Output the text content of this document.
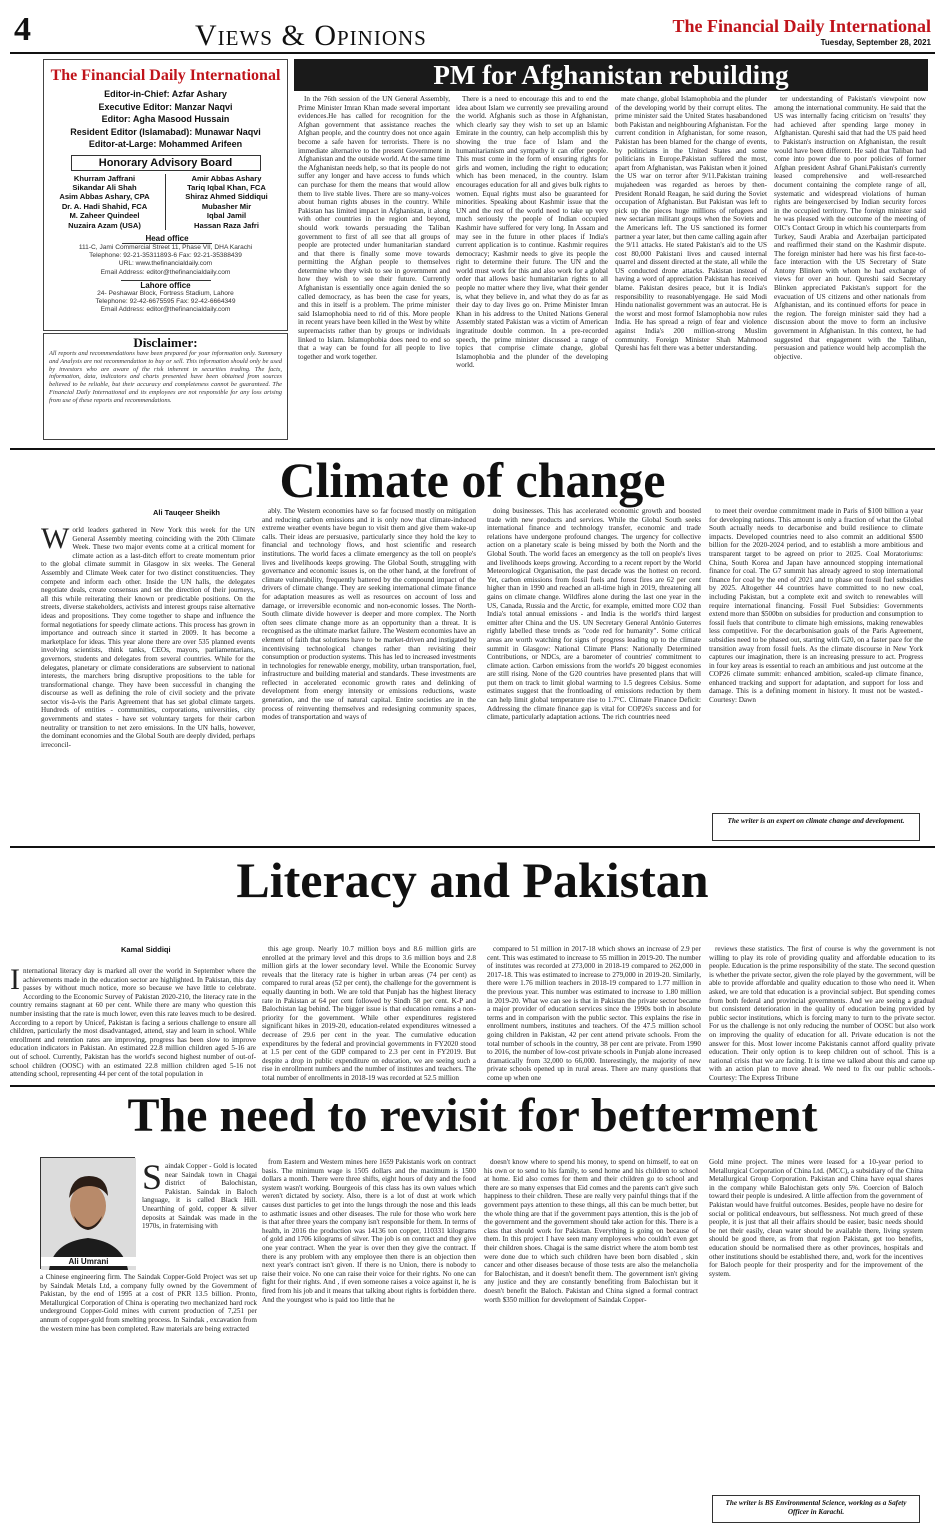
4	Views & Opinions	The Financial Daily International
Tuesday, September 28, 2021
The Financial Daily International
Editor-in-Chief: Azfar Ashary
Executive Editor: Manzar Naqvi
Editor: Agha Masood Hussain
Resident Editor (Islamabad): Munawar Naqvi
Editor-at-Large: Mohammed Arifeen
Honorary Advisory Board
Khurram Jaffrani
Sikandar Ali Shah
Asim Abbas Ashary, CPA
Dr. A. Hadi Shahid, FCA
M. Zaheer Quindeel
Nuzaira Azam (USA)
Amir Abbas Ashary
Tariq Iqbal Khan, FCA
Shiraz Ahmed Siddiqui
Mubasher Mir
Iqbal Jamil
Hassan Raza Jafri
Head office
111-C, Jami Commercial Street 11, Phase VII, DHA Karachi
Telephone: 92-21-35311893-6 Fax: 92-21-35388439
URL: www.thefinancialdaily.com
Email Address: editor@thefinancialdaily.com
Lahore office
24- Peshawar Block, Fortress Stadium, Lahore
Telephone: 92-42-6675595 Fax: 92-42-6664349
Email Address: editor@thefinancialdaily.com
Disclaimer:
All reports and recommendations have been prepared for your information only. Summary and Analysis are not recommendation to buy or sell. This information should only be used by investors who are aware of the risk inherent in securities trading. The facts, information, data, indicators and charts presented have been obtained from sources believed to be reliable, but their accuracy and completeness cannot be guaranteed. The Financial Daily International and its employees are not responsible for any loss arising from use of these reports and recommendations.
PM for Afghanistan rebuilding

In the 76th session of the UN General Assembly, Prime Minister Imran Khan made several important evidences.He has called for recognition for the Afghan government that assistance reaches the Afghan people, and the country does not once again become a safe haven for terrorists. There is no immediate alternative to the present Government in Afghanistan and the outside world. At the same time the Afghanistan needs help, so that its people do not suffer any longer and have access to funds which can purchase for them the means that would allow them to live stable lives. There are so many-voices about human rights abuses in the country. While Pakistan has limited impact in Afghanistan, it along with other countries in the region and beyond, should work towards persuading the Taliban government to first of all see that all groups of people are protected under humanitarian standard and that there is finally some move towards permitting the Afghan people to themselves determine who they wish to see in government and how they wish to see their future. Currently Afghanistan is essentially once again denied the so called democracy, as has been the case for years, and this in itself is a problem. The prime minister said Islamophobia need to rid of this. More people in recent years have been killed in the West by white supremacists rather than by groups or individuals linked to Islam. Islamophobia does need to end so that a way can be found for all people to live together and work together.

There is a need to encourage this and to end the idea about Islam we currently see prevailing around the world. Afghanis such as those in Afghanistan, which clearly say they wish to set up an Islamic Emirate in the country, can help accomplish this by showing the true face of Islam and the humanitarianism and sympathy it can offer people. This must come in the form of ensuring rights for girls and women, including the right to education; which has been menaced, in the country. Islam encourages education for all and gives bulk rights to women. Equal rights must also be guaranteed for minorities. Speaking about Kashmir issue that the UN and the rest of the world need to take up very much seriously the people of Indian occupied Kashmir have suffered for very long. In Assam and may see in the future in other places if India's current application is to continue. Kashmir requires democracy; Kashmir needs to give its people the right to determine their future. The UN and the world must work for this and also work for a global order that allows basic humanitarian rights to all people no matter where they live, what their gender is, what they believe in, and what they do as far as their day to day lives go on. Prime Minister Imran Khan in his address to the United Nations General Assembly stated Pakistan was a victim of American ingratitude double common. In a pre-recorded speech, the prime minister discussed a range of topics that comprise climate change, global Islamophobia and the plunder of the developing world.

mate change, global Islamophobia and the plunder of the developing world by their corrupt elites. The prime minister said the United States hasabandoned both Pakistan and neighbouring Afghanistan. For the current condition in Afghanistan, for some reason, Pakistan has been blamed for the change of events, by politicians in the United States and some politicians in Europe.Pakistan suffered the most, apart from Afghanistan, was Pakistan when it joined the US war on terror after 9/11.Pakistan training mujahedeen was regarded as heroes by then-President Ronald Reagan, he said during the Soviet occupation of Afghanistan. But Pakistan was left to pick up the pieces huge millions of refugees and new sectarian militant groups when the Soviets and the Americans left. The US sanctioned its former partner a year later, but then came calling again after the 9/11 attacks. He stated Pakistan's aid to the US cost 80,000 Pakistani lives and caused internal quarrel and dissent directed at the state, all while the US conducted drone attacks. Pakistan instead of having a word of appreciation Pakistan has received blame. Pakistan desires peace, but it is India's responsibility to reasonablyengage. He said Modi Hindu nationalist government was an autocrat. He is the worst and most formof Islamophobia now rules India. He has spread a reign of fear and violence against India's 200 million-strong Muslim community. Foreign Minister Shah Mahmood Qureshi has felt there was a better understanding.

ter understanding of Pakistan's viewpoint now among the international community. He said that the US was internally facing criticism on 'results' they had achieved after spending large money in Afghanistan. Qureshi said that had the US paid heed to Pakistan's instruction on Afghanistan, the result would have been different. He said that Taliban had come into power due to poor policies of former Afghan president Ashraf Ghani.Pakistan's currently leased comprehensive and well-researched document containing the complete range of all, systematic and widespread violations of human rights are beingexercised by Indian security forces in the occupied territory. The foreign minister said he was pleased with the outcome of the meeting of OIC's Contact Group in which his counterparts from Turkey, Saudi Arabia and Azerbaijan participated and reaffirmed their stand on the Kashmir dispute. The foreign minister had here was his first face-to-face interaction with the US Secretary of State Antony Blinken with whom he had exchange of views for over an hour. Qureshi said Secretary Blinken appreciated Pakistan's support for the evacuation of US citizens and other nationals from Afghanistan, and its continued efforts for peace in the region. The foreign minister said they had a discussion about the move to form an inclusive government in Afghanistan. In this context, he had suggested that engagement with the Taliban, persuasion and patience would help accomplish the objective.

Climate of change
Ali Tauqeer Sheikh
World leaders gathered in New York this week for the UN General Assembly meeting coinciding with the 20th Climate Week. These two major events come at a critical moment for climate action as a last-ditch effort to create momentum prior to the global climate summit in Glasgow in six weeks. The General Assembly and Climate Week cater for two distinct constituencies. They compete and inform each other. Inside the UN halls, the delegates negotiate deals, create consensus and set the direction of their journeys, all this while reiterating their known or predictable positions. On the streets, diverse stakeholders, activists and interest groups raise alternative ideas and propositions. They come together to shape and influence the formal negotiations for speedy climate actions. This process has grown in importance and outreach since it started in 2009. It has become a marketplace for ideas. This year alone there are over 535 planned events involving scientists, think tanks, CEOs, mayors, parliamentarians, governors, students and delegates from several countries. While for the delegates, planetary or climate considerations are subservient to national interests, the marchers bring disruptive propositions to the table for transformational change. They have been successful in changing the discourse as well as defining the role of civil society and the private sector vis-à-vis the Paris Agreement that has set global climate targets. Hundreds of entities - communities, corporations, universities, city governments and states - have set voluntary targets for their carbon neutrality or transition to net zero emissions. In the UN halls, however, the dominant economies and the Global South are deeply divided, perhaps irreconcil-

ably. The Western economies have so far focused mostly on mitigation and reducing carbon emissions and it is only now that climate-induced extreme weather events have begun to visit them and give them wake-up calls. Their ideas are persuasive, particularly since they hold the key to financial and technology flows, and host scientific and research institutions. The world faces a climate emergency as the toll on people's lives and livelihoods keeps growing. The Global South, struggling with governance and economic issues is, on the other hand, at the forefront of climate vulnerability, frequently battered by the compound impact of the drivers of climate change. They are seeking international climate finance for adaptation measures as well as resources on account of loss and damage, or irreversible economic and non-economic losses. The North-South climate divide however is deeper and more complex. The North often sees climate change more as an opportunity than a threat. It is recognised as the ultimate market failure. The Western economies have an element of faith that solutions have to be market-driven and instigated by incentivising technological changes rather than revisiting their consumption or production systems. This has led to increased investments in technologies for renewable energy, mobility, urban transportation, fuel, infrastructure and building material and standards. These investments are reflected in accelerated economic growth rates and delinking of development from energy intensity or emissions reductions, waste generation, and the use of natural capital. Entire societies are in the process of reinventing themselves and redesigning community spaces, modes of transportation and ways of

doing businesses. This has accelerated economic growth and boosted trade with new products and services. While the Global South seeks international finance and technology transfer, economic and trade relations have undergone profound changes. The urgency for collective action on a planetary scale is being missed by both the North and the Global South. The world faces an emergency as the toll on people's lives and livelihoods keeps growing. According to a recent report by the World Meteorological Organisation, the past decade was the hottest on record. Yet, carbon emissions from fossil fuels and forest fires are 62 per cent higher than in 1990 and reached an all-time high in 2019, threatening all gains on climate change. Wildfires alone during the last one year in the US, Canada, Russia and the Arctic, for example, emitted more CO2 than India's total annual emissions - and India is the world's third largest emitter after China and the US. UN Secretary General António Guterres rightly labelled these trends as "code red for humanity". Some critical areas are worth watching for signs of progress leading up to the climate summit in Glasgow: National Climate Plans: Nationally Determined Contributions, or NDCs, are a barometer of countries' commitment to climate action. Carbon emissions from the world's 20 biggest economies are still rising. None of the G20 countries have presented plans that will put them on track to limit global warming to 1.5 degrees Celsius. Some estimates suggest that the frontloading of emissions reduction by them can help limit global temperature rise to 1.7°C. Climate Finance Deficit: Addressing the climate finance gap is vital for COP26's success and for climate, particularly adaptation actions. The rich countries need

to meet their overdue commitment made in Paris of $100 billion a year for developing nations. This amount is only a fraction of what the Global South actually needs to decarbonise and build resilience to climate impacts. Developed countries need to also commit an additional $500 billion for the 2020-2024 period, and to establish a more ambitious and transparent target to be agreed on prior to 2025. Coal Moratoriums: China, South Korea and Japan have announced stopping international finance for coal. The G7 summit has already agreed to stop international finance for coal by the end of 2021 and to phase out fossil fuel subsidies by 2025. Altogether 44 countries have committed to no new coal, including Pakistan, but a complete exit and switch to renewables will require international financing. Fossil Fuel Subsidies: Governments extend more than $500bn on subsidies for production and consumption to fossil fuels that contribute to climate high emissions, making renewables less competitive. For the decarbonisation goals of the Paris Agreement, subsidies need to be phased out, starting with G20, on a faster pace for the transition away from fossil fuels. As the climate discourse in New York captures our imagination, there is an increasing pressure to act. Progress in four key areas is essential to reach an ambitious and just outcome at the COP26 climate summit: enhanced ambition, scaled-up climate finance, enhanced tracking and support for adaptation, and support for loss and damage. This is a defining moment in history. It must not be wasted.-Courtesy: Dawn

The writer is an expert on climate change and development.
Literacy and Pakistan
Kamal Siddiqi
International literacy day is marked all over the world in September where the achievements made in the education sector are highlighted. In Pakistan, this day passes by without much notice, more so because we have little to celebrate. According to the Economic Survey of Pakistan 2020-210, the literacy rate in the country remains stagnant at 60 per cent. While there are many who question this number insisting that the rate is much lower, even this rate leaves much to be desired. According to a report by Unicef, Pakistan is facing a serious challenge to ensure all children, particularly the most disadvantaged, attend, stay and learn in school. While enrollment and retention rates are improving, progress has been slow to improve education indicators in Pakistan. An estimated 22.8 million children aged 5-16 are out of school. Currently, Pakistan has the world's second highest number of out-of-school children (OOSC) with an estimated 22.8 million children aged 5-16 not attending school, representing 44 per cent of the total population in

this age group. Nearly 10.7 million boys and 8.6 million girls are enrolled at the primary level and this drops to 3.6 million boys and 2.8 million girls at the lower secondary level. While the Economic Survey reveals that the literacy rate is higher in urban areas (74 per cent) as compared to rural areas (52 per cent), the challenge for the government is equally daunting in both. We are told that Punjab has the highest literacy rate in Pakistan at 64 per cent followed by Sindh 58 per cent. K-P and Balochistan lag behind. The bigger issue is that education remains a non-priority for the government. While other expenditures registered significant hikes in 2019-20, education-related expenditures witnessed a decrease of 29.6 per cent in the year. The cumulative education expenditures by the federal and provincial governments in FY2020 stood at 1.5 per cent of the GDP compared to 2.3 per cent in FY2019. But despite a drop in public expenditure on education, we are seeing such a rise in enrollment numbers and the number of institutes and teachers. The total number of enrollments in 2018-19 was recorded at 52.5 million

compared to 51 million in 2017-18 which shows an increase of 2.9 per cent. This was estimated to increase to 55 million in 2019-20. The number of institutes was recorded at 273,000 in 2018-19 compared to 262,000 in 2017-18. This was estimated to increase to 279,000 in 2019-20. Similarly, there were 1.76 million teachers in 2018-19 compared to 1.77 million in the previous year. This number was estimated to increase to 1.80 million in 2019-20. What we can see is that in Pakistan the private sector became a major provider of education services since the 1990s both in absolute terms and in comparison with the public sector. This explains the rise in enrollment numbers, institutes and teachers. Of the 47.5 million school going children in Pakistan, 42 per cent attend private schools. From the total number of schools in the country, 38 per cent are private. From 1990 to 2016, the number of low-cost private schools in Punjab alone increased dramatically from 32,000 to 66,000. Interestingly, the majority of new private schools opened up in rural areas. There are many questions that come up when one

reviews these statistics. The first of course is why the government is not willing to play its role of providing quality and affordable education to its people. Education is the prime responsibility of the state. The second question is whether the private sector, given the role played by the government, will be able to provide affordable and quality education to those who need it. When asked, we are told that education is a provincial subject. But spending comes from both federal and provincial governments. And we are seeing a gradual but consistent deterioration in the quality of education being provided by public sector institutions, which is forcing many to turn to the private sector. For us the challenge is not only reducing the number of OOSC but also work on improving the quality of education for all. Private education is not the answer for this. Most lower income Pakistanis cannot afford quality private education. Their only option is to keep children out of school. This is a national crisis that we are facing. It is time we talked about this and came up with an action plan to move ahead. We need to fix our public schools.-Courtesy: The Express Tribune

The need to revisit for betterment
Ali Umrani
Saindak Copper - Gold is located near Saindak town in Chagai district of Balochistan, Pakistan. Saindak in Baloch language, it is called Black Hill. Unearthing of gold, copper & silver deposits at Saindak was made in the 1970s, in fraternising with

a Chinese engineering firm. The Saindak Copper-Gold Project was set up by Saindak Metals Ltd, a company fully owned by the Government of Pakistan, by the end of 1995 at a cost of PKR 13.5 billion. Pronto, Metallurgical Corporation of China is operating two mechanized hard rock underground Copper-Gold mines with current production of 7,251 per annum of copper-gold from smelting process. In Saindak , excavation from the western mine has been completed. Raw materials are being extracted

from Eastern and Western mines here 1659 Pakistanis work on contract basis. The minimum wage is 1505 dollars and the maximum is 1500 dollars a month. There were three shifts, eight hours of duty and the food system wasn't working. Bourgeois of this class has its own values which weren't dictated by society. Also, there is a lot of dust at work which causes dust particles to get into the lungs through the nose and this leads to asthmatic issues and other diseases. The rule for those who work here is that after three years the company isn't responsible for them. In terms of health, in 2016 the production was 14136 ton copper, 110331 kilograms of gold and 1706 kilograms of silver. The job is on contract and they give one year contract. When the year is over then they give the contract. If there is any problem with any employee then there is an objection then next year's contract isn't given. If there is no Union, there is nobody to raise their voice. No one can raise their voice for their rights. No one can fight for their rights. And , if even someone raises a voice against it, he is fired from his job and it means that talking about rights is forbidden there. And the youngest who is paid too little that he

doesn't know where to spend his money, to spend on himself, to eat on his own or to send to his family, to send home and his children to school at home. Eid also comes for them and their children go to school and there are so many expenses that Eid comes and the parents can't give such happiness to their children. These are really very painful things that if the government pays attention to these things, all this can be much better, but the whole thing are that if the government pays attention, this is the job of the government and the government should take action for this. There is a class that should work for Pakistan. Everything is going on because of them. In this project I have seen many employees who couldn't even get their children shoes. Chagai is the same district where the atom bomb test were done due to which such children have been born disabled , skin cancer and other diseases because of those tests are also the melancholia for Balochistan, and it doesn't benefit them. The government isn't giving any justice and they are constantly benefiting from Balochistan but it doesn't benefit the Baloch. Pakistan and China signed a formal contract worth $350 million for development of Saindak Copper-

Gold mine project. The mines were leased for a 10-year period to Metallurgical Corporation of China Ltd. (MCC), a subsidiary of the China Metallurgical Group Corporation. Pakistan and China have equal shares in the company while Balochistan gets only 5%. Coercion of Baloch toward their people is undesired. A little affection from the government of Pakistan would have fruitful outcomes. Besides, people have no desire for social or political endeavours, but selflessness. Not much greed of these people, it is just that all their affairs should be easier, basic needs should be net their easily, clean water should be available there, living system should be good there, as from that region Pakistan, get too benefits, education should be normalised there as other provinces, hospitals and other institutions should be established there, and, work for the incentives for Baloch people for their prosperity and for the improvement of the system.

The writer is BS Environmental Science, working as a Safety Officer in Karachi.
